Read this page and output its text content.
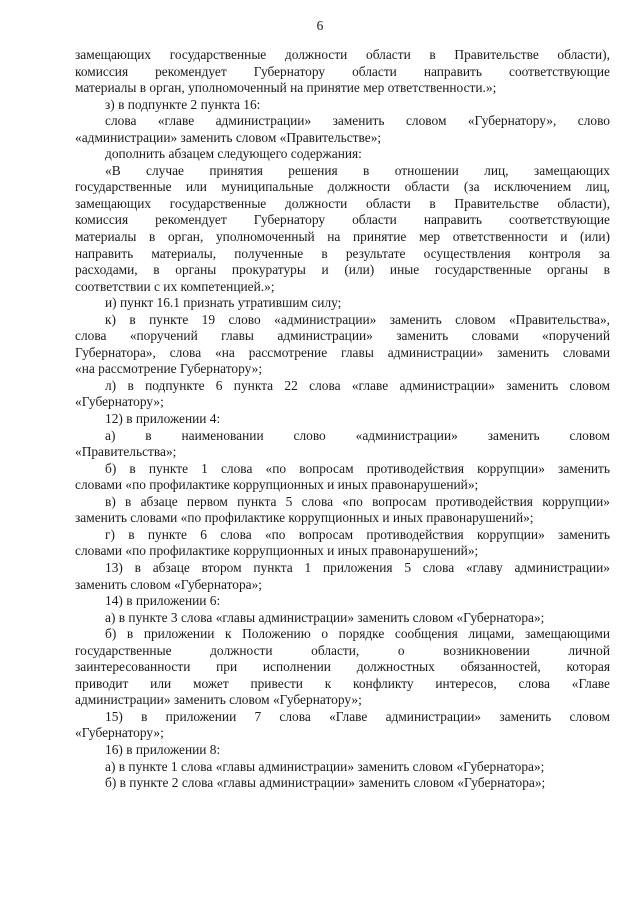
6
замещающих государственные должности области в Правительстве области),
комиссия рекомендует Губернатору области направить соответствующие
материалы в орган, уполномоченный на принятие мер ответственности.»;
з) в подпункте 2 пункта 16:
слова «главе администрации» заменить словом «Губернатору», слово
«администрации» заменить словом «Правительстве»;
дополнить абзацем следующего содержания:
«В случае принятия решения в отношении лиц, замещающих
государственные или муниципальные должности области (за исключением лиц,
замещающих государственные должности области в Правительстве области),
комиссия рекомендует Губернатору области направить соответствующие
материалы в орган, уполномоченный на принятие мер ответственности и (или)
направить материалы, полученные в результате осуществления контроля за
расходами, в органы прокуратуры и (или) иные государственные органы в
соответствии с их компетенцией.»;
и) пункт 16.1 признать утратившим силу;
к) в пункте 19 слово «администрации» заменить словом «Правительства»,
слова «поручений главы администрации» заменить словами «поручений
Губернатора», слова «на рассмотрение главы администрации» заменить словами
«на рассмотрение Губернатору»;
л) в подпункте 6 пункта 22 слова «главе администрации» заменить словом
«Губернатору»;
12) в приложении 4:
а) в наименовании слово «администрации» заменить словом
«Правительства»;
б) в пункте 1 слова «по вопросам противодействия коррупции» заменить
словами «по профилактике коррупционных и иных правонарушений»;
в) в абзаце первом пункта 5 слова «по вопросам противодействия коррупции»
заменить словами «по профилактике коррупционных и иных правонарушений»;
г) в пункте 6 слова «по вопросам противодействия коррупции» заменить
словами «по профилактике коррупционных и иных правонарушений»;
13) в абзаце втором пункта 1 приложения 5 слова «главу администрации»
заменить словом «Губернатора»;
14) в приложении 6:
а) в пункте 3 слова «главы администрации» заменить словом «Губернатора»;
б) в приложении к Положению о порядке сообщения лицами, замещающими
государственные должности области, о возникновении личной
заинтересованности при исполнении должностных обязанностей, которая
приводит или может привести к конфликту интересов, слова «Главе
администрации» заменить словом «Губернатору»;
15) в приложении 7 слова «Главе администрации» заменить словом
«Губернатору»;
16) в приложении 8:
а) в пункте 1 слова «главы администрации» заменить словом «Губернатора»;
б) в пункте 2 слова «главы администрации» заменить словом «Губернатора»;
